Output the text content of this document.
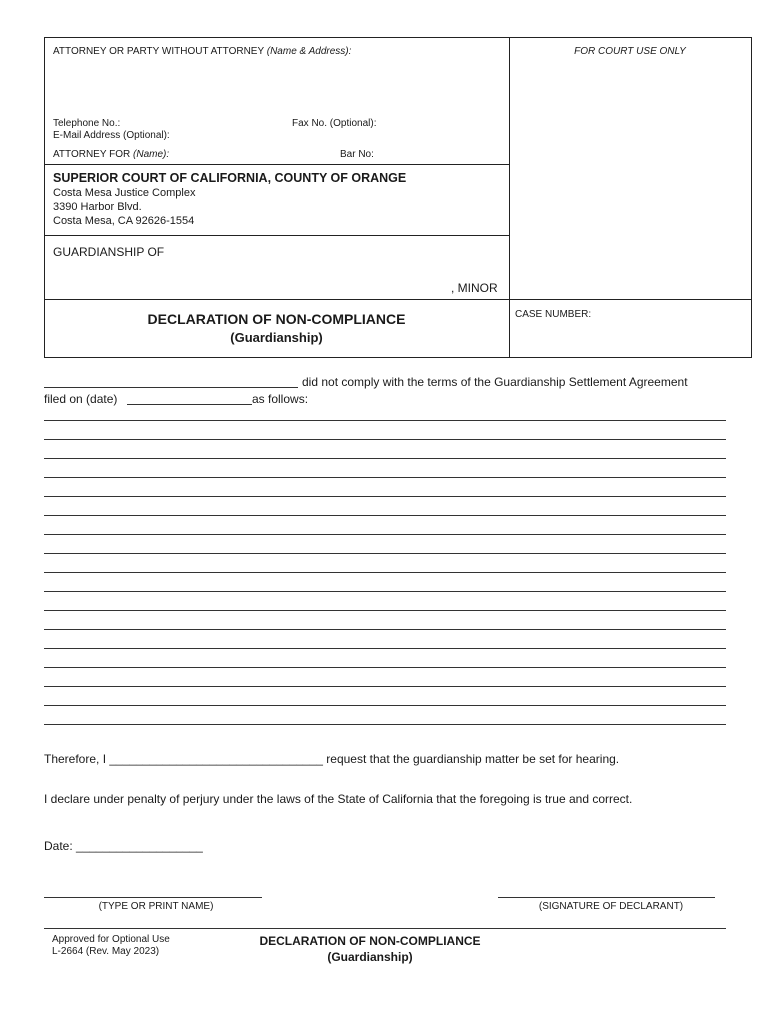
ATTORNEY OR PARTY WITHOUT ATTORNEY (Name & Address):	FOR COURT USE ONLY
Telephone No.:	Fax No. (Optional):
E-Mail Address (Optional):
ATTORNEY FOR (Name):	Bar No:
SUPERIOR COURT OF CALIFORNIA, COUNTY OF ORANGE
Costa Mesa Justice Complex
3390 Harbor Blvd.
Costa Mesa, CA 92626-1554
GUARDIANSHIP OF
, MINOR
DECLARATION OF NON-COMPLIANCE
(Guardianship)
CASE NUMBER:
did not comply with the terms of the Guardianship Settlement Agreement
filed on (date)	as follows:
Therefore, I ________________________________ request that the guardianship matter be set for hearing.
I declare under penalty of perjury under the laws of the State of California that the foregoing is true and correct.
Date: ___________________
(TYPE OR PRINT NAME)	(SIGNATURE OF DECLARANT)
Approved for Optional Use
L-2664 (Rev. May 2023)
DECLARATION OF NON-COMPLIANCE
(Guardianship)
